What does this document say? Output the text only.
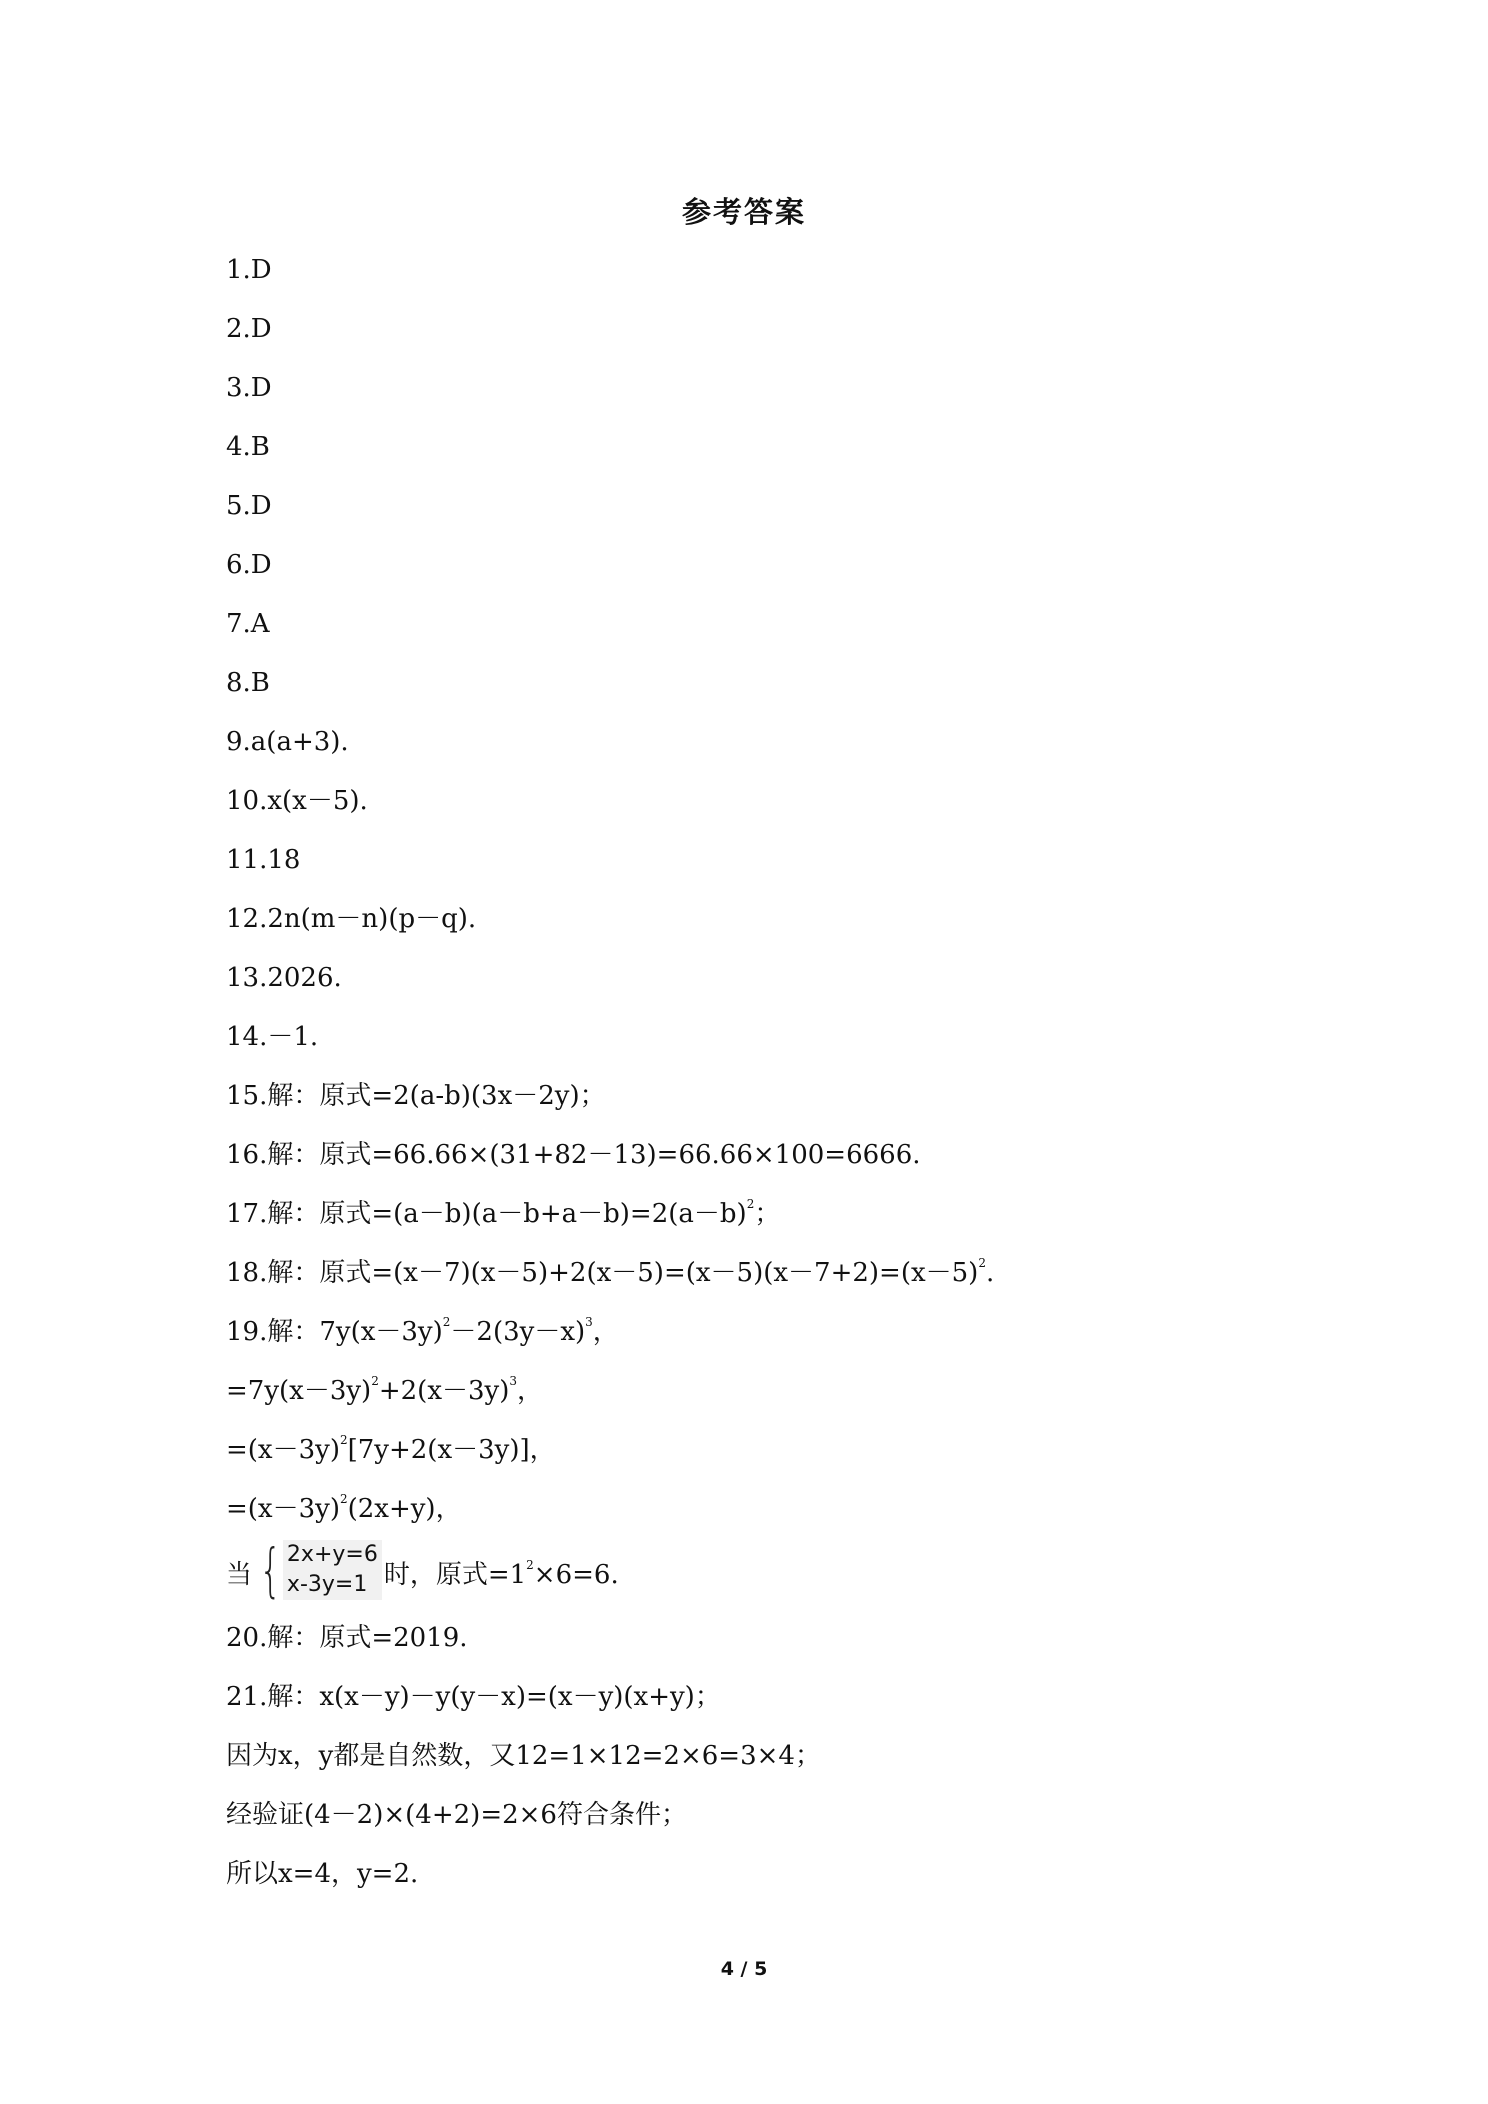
参考答案
1.D
2.D
3.D
4.B
5.D
6.D
7.A
8.B
9.a(a+3).
10.x(x－5).
11.18
12.2n(m－n)(p－q).
13.2026.
14.－1.
15.解：原式=2(a-b)(3x－2y)；
16.解：原式=66.66×(31+82－13)=66.66×100=6666.
17.解：原式$=(a-b)(a-b+a-b)=2(a-b)^2$；
18.解：原式$=(x-7)(x-5)+2(x-5)=(x-5)(x-7+2)=(x-5)^2$.
19.解：$7y(x-3y)^2-2(3y-x)^3$，
$=7y(x-3y)^2+2(x-3y)^3$，
$=(x-3y)^2[7y+2(x-3y)]$，
$=(x-3y)^2(2x+y)$，
当 { 2x+y=6
x-3y=1 时，原式$=1^2\times 6=6$.
20.解：原式=2019.
21.解：x(x－y)－y(y－x)=(x－y)(x+y)；
因为x，y都是自然数，又12=1×12=2×6=3×4；
经验证(4－2)×(4+2)=2×6符合条件；
所以x=4，y=2.
4 / 5
